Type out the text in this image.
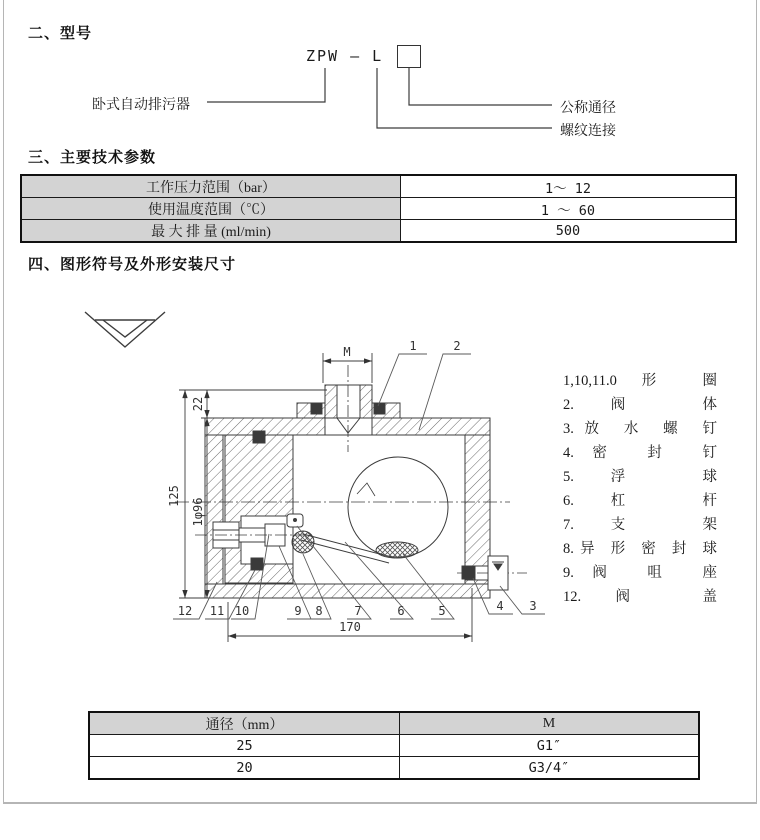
二、型号
ZPW — L
卧式自动排污器	公称通径
螺纹连接
三、主要技术参数
工作压力范围（bar）	1～ 12
使用温度范围（℃）	1 ～ 60
最 大 排 量 (ml/min)	500
四、图形符号及外形安装尺寸
M
22
125
1φ96
170
1	2
12 11 10	9 8	7	6	5	4 3
1,10,11.0 形 圈
2.阀 体
3.放 水 螺 钉
4.密 封 钉
5.浮 球
6.杠 杆
7.支 架
8.异 形 密 封 球
9.阀 咀 座
12.阀 盖
通径（mm）	M
25	G1″
20	G3/4″
